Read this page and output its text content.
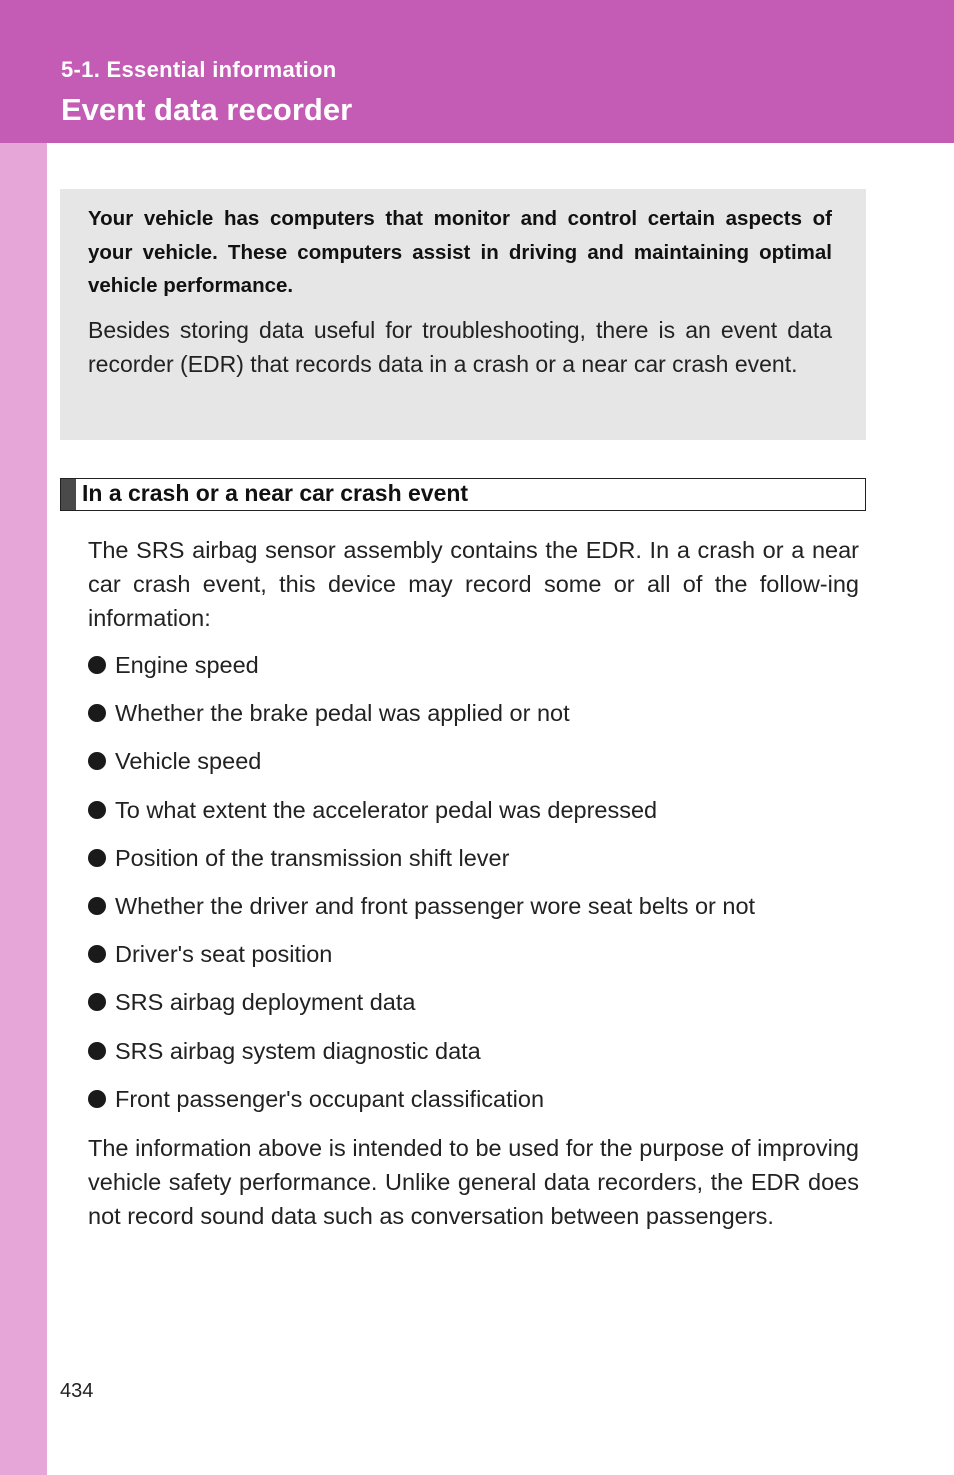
5-1. Essential information
Event data recorder

Your vehicle has computers that monitor and control certain aspects of your vehicle. These computers assist in driving and maintaining optimal vehicle performance.

Besides storing data useful for troubleshooting, there is an event data recorder (EDR) that records data in a crash or a near car crash event.

In a crash or a near car crash event

The SRS airbag sensor assembly contains the EDR. In a crash or a near car crash event, this device may record some or all of the follow-ing information:

Engine speed
Whether the brake pedal was applied or not
Vehicle speed
To what extent the accelerator pedal was depressed
Position of the transmission shift lever
Whether the driver and front passenger wore seat belts or not
Driver's seat position
SRS airbag deployment data
SRS airbag system diagnostic data
Front passenger's occupant classification

The information above is intended to be used for the purpose of improving vehicle safety performance. Unlike general data recorders, the EDR does not record sound data such as conversation between passengers.

434
